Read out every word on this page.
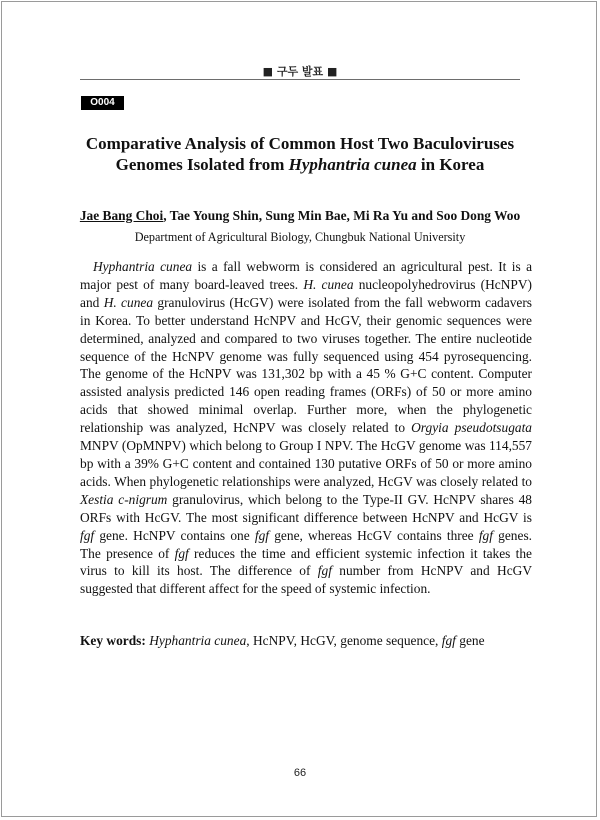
■ 구두 발표 ■
O004
Comparative Analysis of Common Host Two Baculoviruses
Genomes Isolated from Hyphantria cunea in Korea
Jae Bang Choi, Tae Young Shin, Sung Min Bae, Mi Ra Yu and Soo Dong Woo
Department of Agricultural Biology, Chungbuk National University

Hyphantria cunea is a fall webworm is considered an agricultural pest. It is a major pest of many board-leaved trees. H. cunea nucleopolyhedrovirus (HcNPV) and H. cunea granulovirus (HcGV) were isolated from the fall webworm cadavers in Korea. To better understand HcNPV and HcGV, their genomic sequences were determined, analyzed and compared to two viruses together. The entire nucleotide sequence of the HcNPV genome was fully sequenced using 454 pyrosequencing. The genome of the HcNPV was 131,302 bp with a 45 % G+C content. Computer assisted analysis predicted 146 open reading frames (ORFs) of 50 or more amino acids that showed minimal overlap. Further more, when the phylogenetic relationship was analyzed, HcNPV was closely related to Orgyia pseudotsugata MNPV (OpMNPV) which belong to Group I NPV. The HcGV genome was 114,557 bp with a 39% G+C content and contained 130 putative ORFs of 50 or more amino acids. When phylogenetic relationships were analyzed, HcGV was closely related to Xestia c-nigrum granulovirus, which belong to the Type-II GV. HcNPV shares 48 ORFs with HcGV. The most significant difference between HcNPV and HcGV is fgf gene. HcNPV contains one fgf gene, whereas HcGV contains three fgf genes. The presence of fgf reduces the time and efficient systemic infection it takes the virus to kill its host. The difference of fgf number from HcNPV and HcGV suggested that different affect for the speed of systemic infection.

Key words: Hyphantria cunea, HcNPV, HcGV, genome sequence, fgf gene
66
